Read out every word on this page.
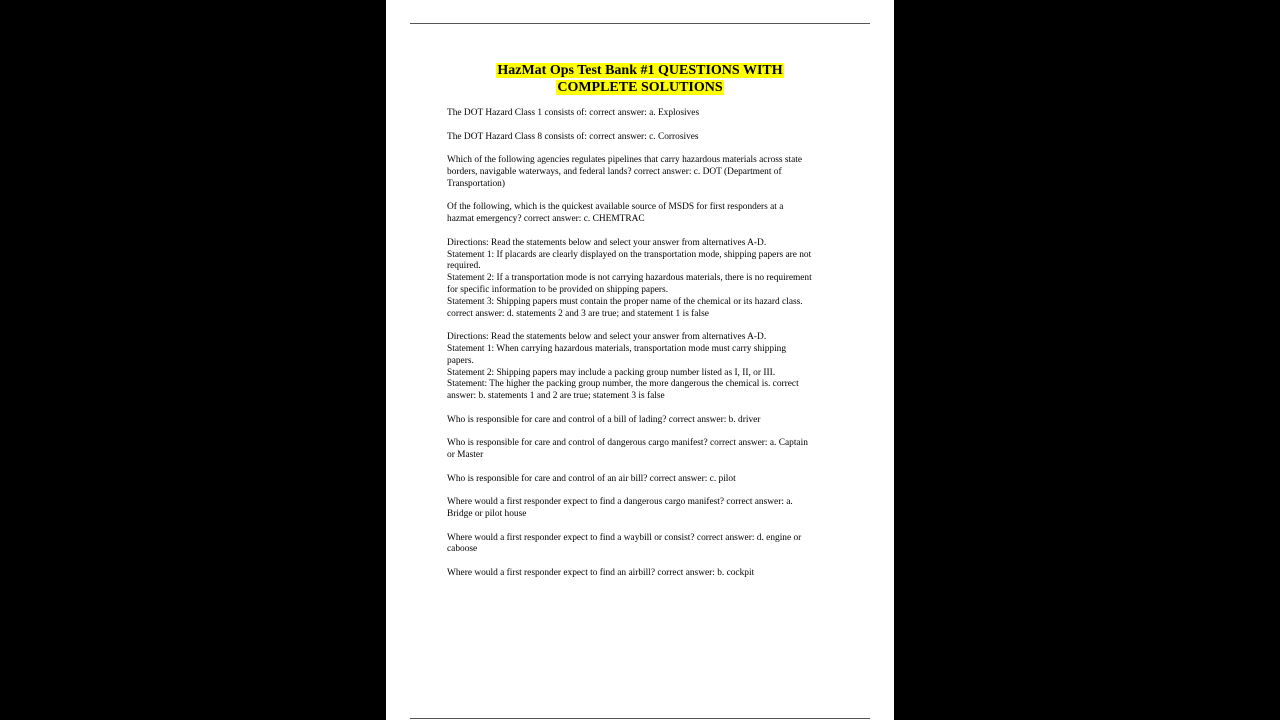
HazMat Ops Test Bank #1 QUESTIONS WITH
COMPLETE SOLUTIONS
The DOT Hazard Class 1 consists of: correct answer: a. Explosives
The DOT Hazard Class 8 consists of: correct answer: c. Corrosives
Which of the following agencies regulates pipelines that carry hazardous materials across state
borders, navigable waterways, and federal lands? correct answer: c. DOT (Department of
Transportation)
Of the following, which is the quickest available source of MSDS for first responders at a
hazmat emergency? correct answer: c. CHEMTRAC
Directions: Read the statements below and select your answer from alternatives A-D.
Statement 1: If placards are clearly displayed on the transportation mode, shipping papers are not
required.
Statement 2: If a transportation mode is not carrying hazardous materials, there is no requirement
for specific information to be provided on shipping papers.
Statement 3: Shipping papers must contain the proper name of the chemical or its hazard class.
correct answer: d. statements 2 and 3 are true; and statement 1 is false
Directions: Read the statements below and select your answer from alternatives A-D.
Statement 1: When carrying hazardous materials, transportation mode must carry shipping
papers.
Statement 2: Shipping papers may include a packing group number listed as I, II, or III.
Statement: The higher the packing group number, the more dangerous the chemical is. correct
answer: b. statements 1 and 2 are true; statement 3 is false
Who is responsible for care and control of a bill of lading? correct answer: b. driver
Who is responsible for care and control of dangerous cargo manifest? correct answer: a. Captain
or Master
Who is responsible for care and control of an air bill? correct answer: c. pilot
Where would a first responder expect to find a dangerous cargo manifest? correct answer: a.
Bridge or pilot house
Where would a first responder expect to find a waybill or consist? correct answer: d. engine or
caboose
Where would a first responder expect to find an airbill? correct answer: b. cockpit
